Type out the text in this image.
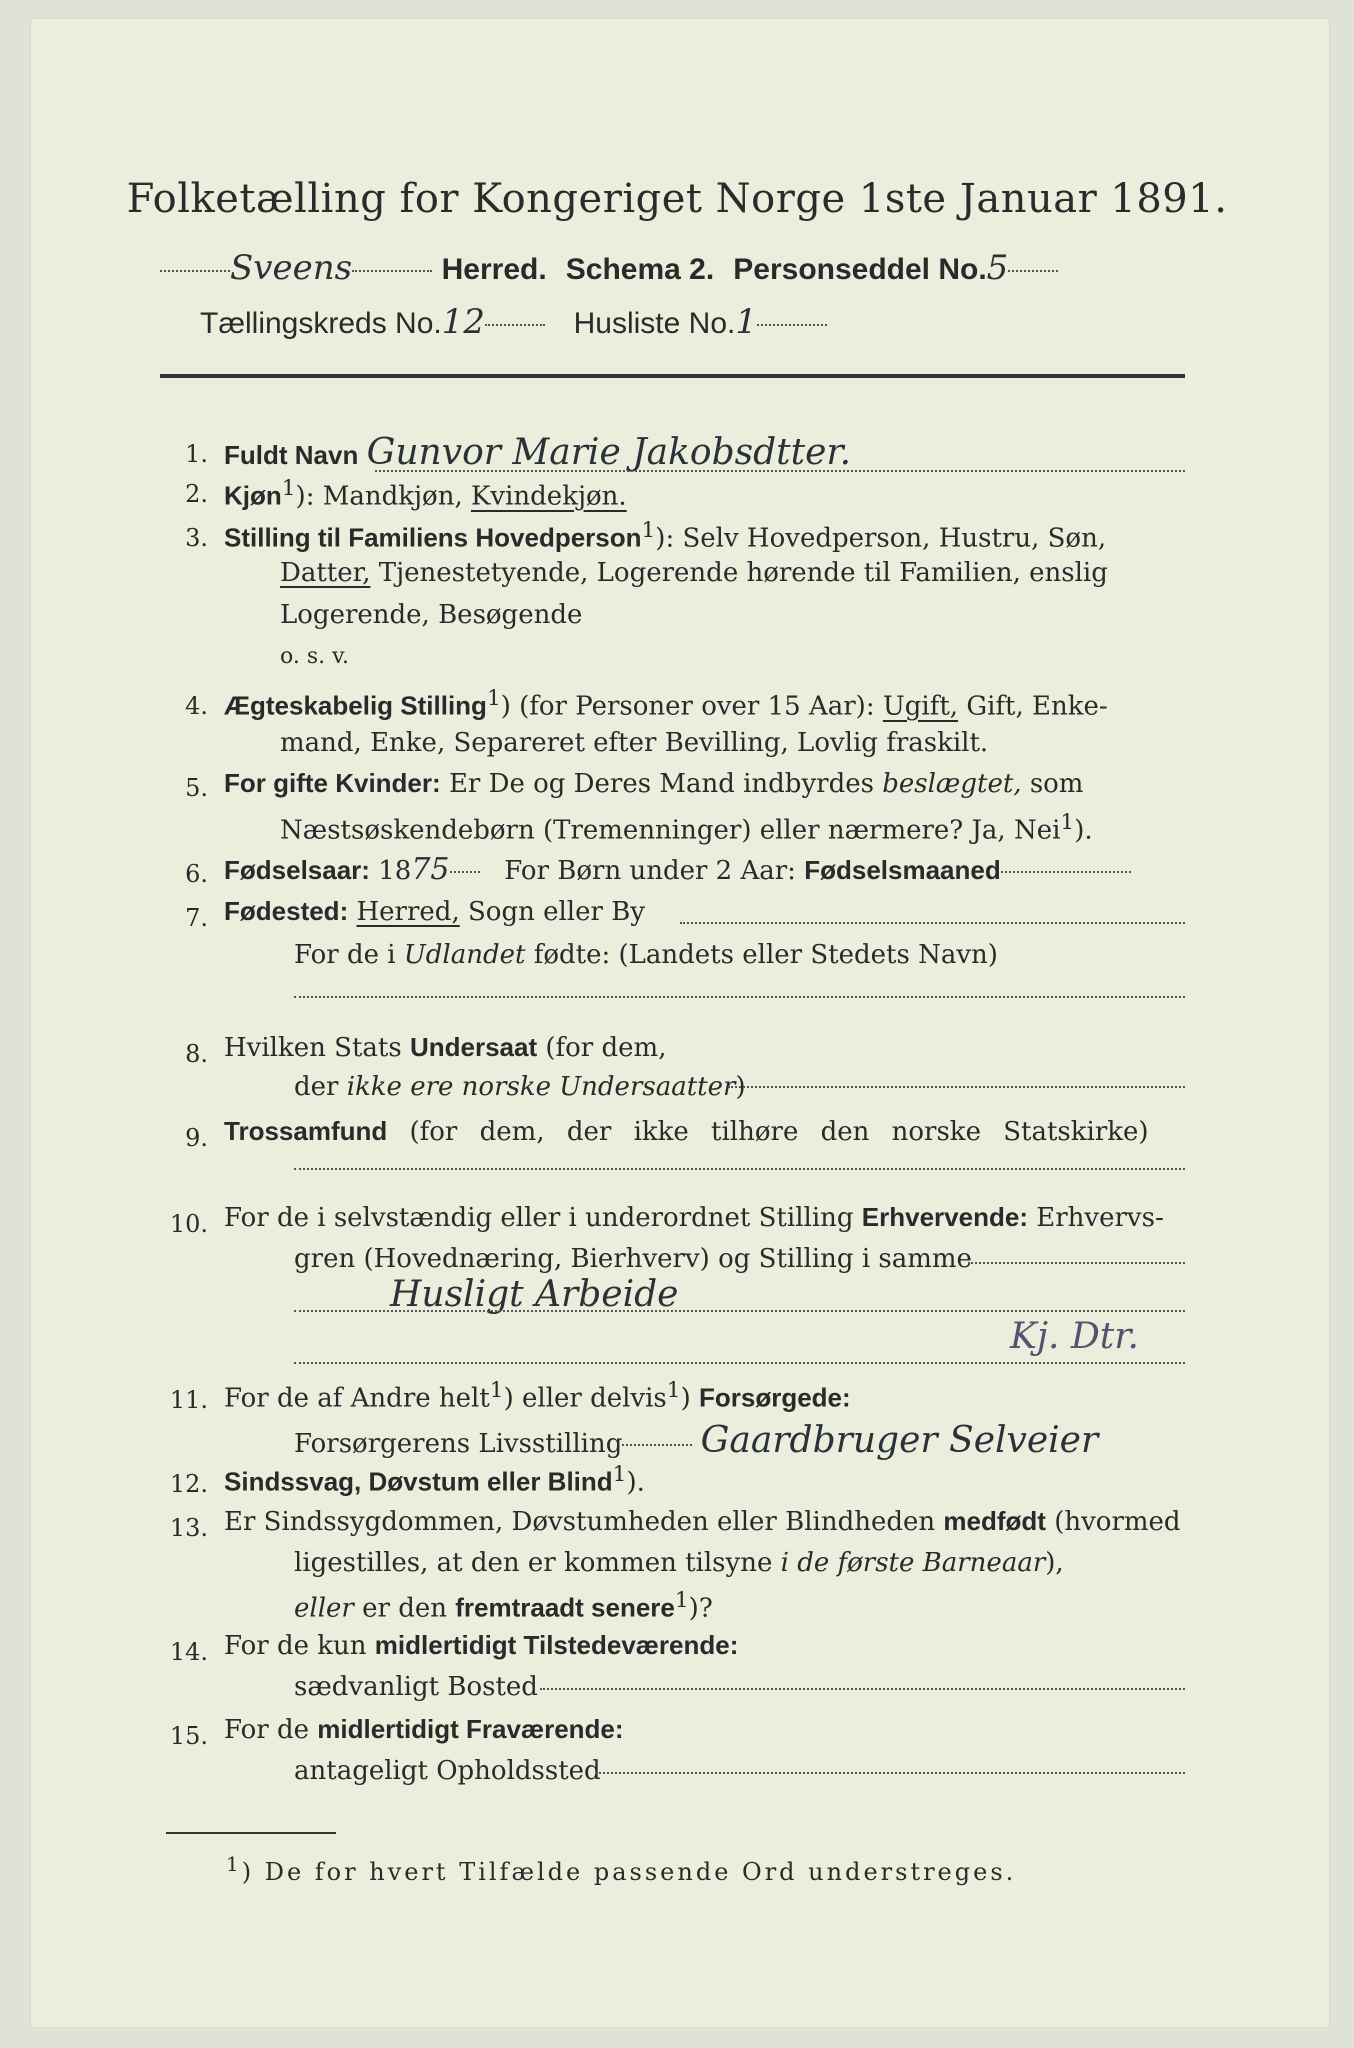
Folketælling for Kongeriget Norge 1ste Januar 1891.
Sveens	Herred. Schema 2. Personseddel No.5
Tællingskreds No.12	Husliste No.1
1. Fuldt Navn Gunvor Marie Jakobsdtter.
2. Kjøn$^1$): Mandkjøn, Kvindekjøn.
3. Stilling til Familiens Hovedperson$^1$): Selv Hovedperson, Hustru, Søn,
Datter, Tjenestetyende, Logerende hørende til Familien, enslig
Logerende, Besøgende
o. s. v.
4. Ægteskabelig Stilling$^1$) (for Personer over 15 Aar): Ugift, Gift, Enke-
mand, Enke, Separeret efter Bevilling, Lovlig fraskilt.
5. For gifte Kvinder: Er De og Deres Mand indbyrdes beslægtet, som
Næstsøskendebørn (Tremenninger) eller nærmere? Ja, Nei$^1$).
6. Fødselsaar: 1875 For Børn under 2 Aar: Fødselsmaaned
7. Fødested: Herred, Sogn eller By
For de i Udlandet fødte: (Landets eller Stedets Navn)
8. Hvilken Stats Undersaat (for dem,
der ikke ere norske Undersaatter)
9. Trossamfund (for dem, der ikke tilhøre den norske Statskirke)
10. For de i selvstændig eller i underordnet Stilling Erhvervende: Erhvervs-
gren (Hovednæring, Bierhverv) og Stilling i samme
Husligt Arbeide
Kj. Dtr.
11. For de af Andre helt$^1$) eller delvis$^1$) Forsørgede:
Forsørgerens Livsstilling Gaardbruger Selveier
12. Sindssvag, Døvstum eller Blind$^1$).
13. Er Sindssygdommen, Døvstumheden eller Blindheden medfødt (hvormed
ligestilles, at den er kommen tilsyne i de første Barneaar),
eller er den fremtraadt senere$^1$)?
14. For de kun midlertidigt Tilstedeværende:
sædvanligt Bosted
15. For de midlertidigt Fraværende:
antageligt Opholdssted
$^1$) De for hvert Tilfælde passende Ord understreges.
